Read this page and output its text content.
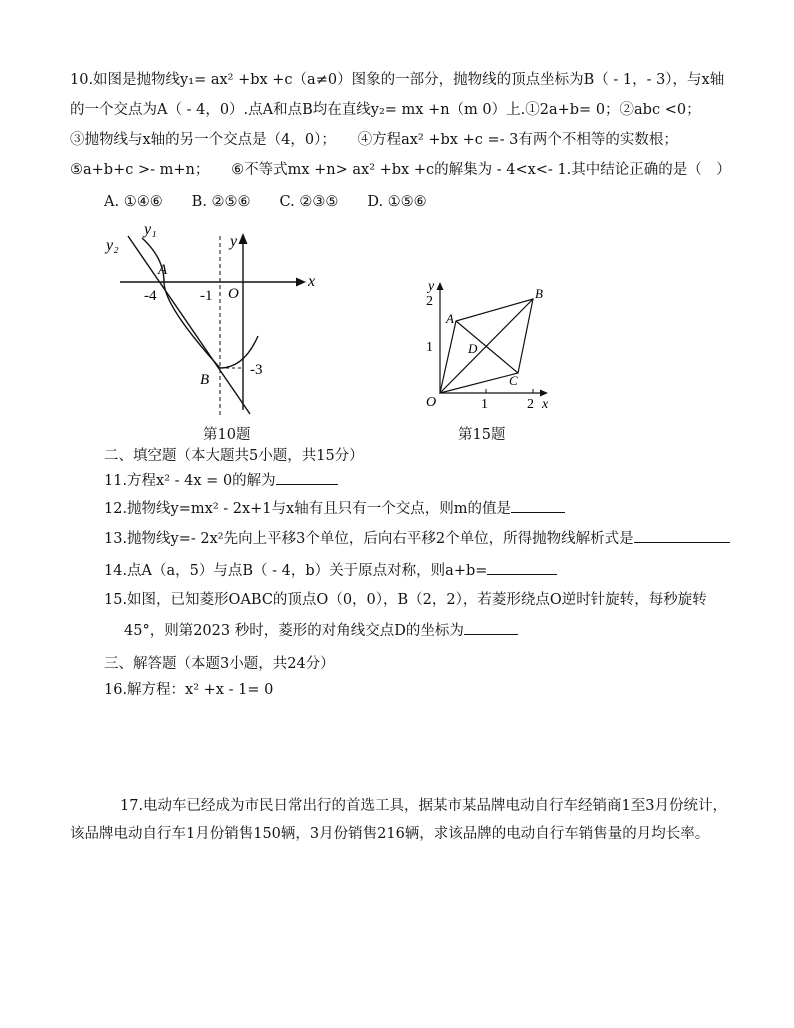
10.如图是抛物线y₁= ax² +bx +c（a≠0）图象的一部分，抛物线的顶点坐标为B（ - 1，- 3），与x轴
的一个交点为A（ - 4，0）.点A和点B均在直线y₂= mx +n（m 0）上.①2a+b= 0；②abc <0；
③抛物线与x轴的另一个交点是（4，0）；　　④方程ax² +bx +c =- 3有两个不相等的实数根；
⑤a+b+c >- m+n；　　⑥不等式mx +n> ax² +bx +c的解集为 - 4<x<- 1.其中结论正确的是（　）
A. ①④⑥　　B. ②⑤⑥　　C. ②③⑤　　D. ①⑤⑥
y₂
y₁
y
x
A
B
O
-4	-1
-3
第10题
y
x
O
A
B
C
D
1	2
1
2
第15题
二、填空题（本大题共5小题，共15分）
11.方程x² - 4x = 0的解为
12.抛物线y=mx² - 2x+1与x轴有且只有一个交点，则m的值是
13.抛物线y=- 2x²先向上平移3个单位，后向右平移2个单位，所得抛物线解析式是
14.点A（a，5）与点B（ - 4，b）关于原点对称，则a+b=
15.如图，已知菱形OABC的顶点O（0，0），B（2，2），若菱形绕点O逆时针旋转，每秒旋转
45°，则第2023 秒时，菱形的对角线交点D的坐标为
三、解答题（本题3小题，共24分）
16.解方程：x² +x - 1= 0
17.电动车已经成为市民日常出行的首选工具，据某市某品牌电动自行车经销商1至3月份统计，
该品牌电动自行车1月份销售150辆，3月份销售216辆，求该品牌的电动自行车销售量的月均长率。
